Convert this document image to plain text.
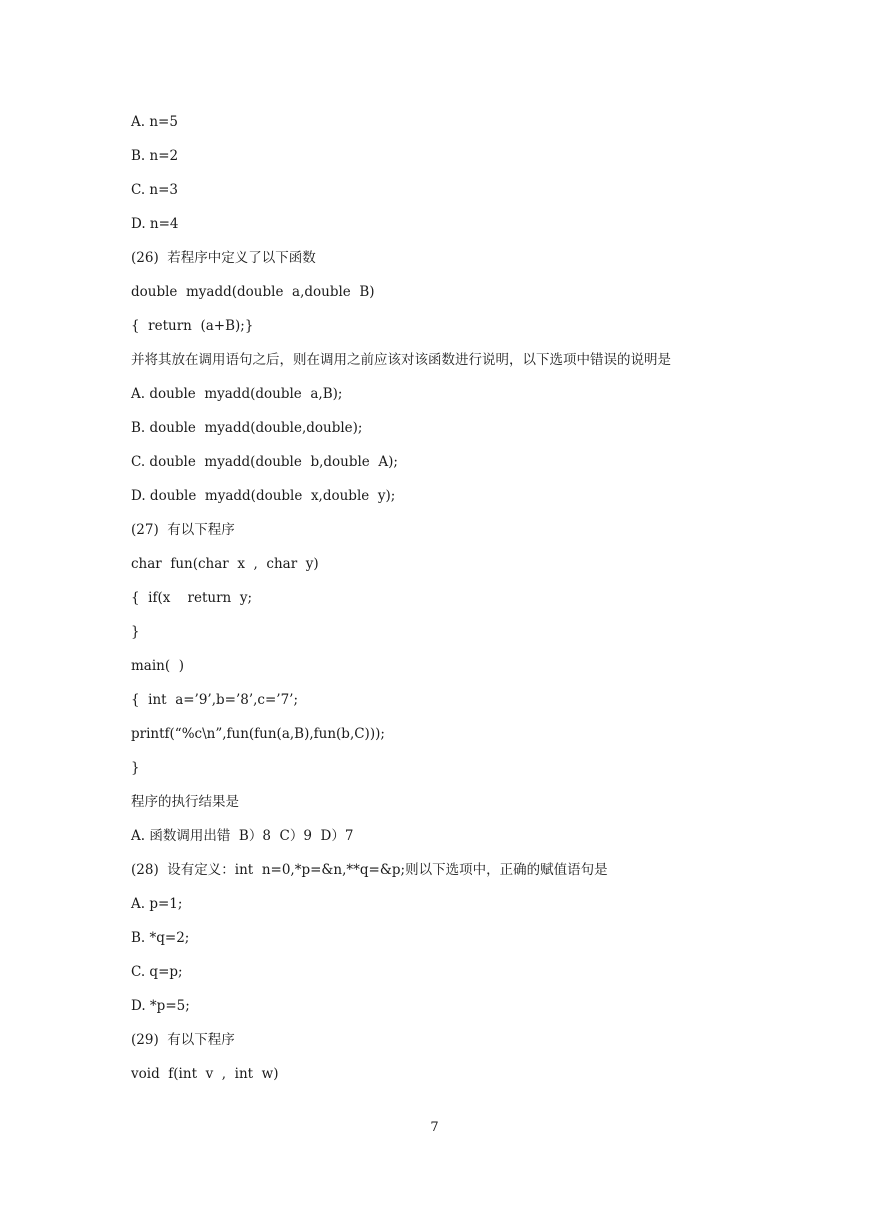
A. n=5
B. n=2
C. n=3
D. n=4
(26)  若程序中定义了以下函数
double  myadd(double  a,double  B)
{  return  (a+B);}
并将其放在调用语句之后，则在调用之前应该对该函数进行说明，以下选项中错误的说明是
A. double  myadd(double  a,B);
B. double  myadd(double,double);
C. double  myadd(double  b,double  A);
D. double  myadd(double  x,double  y);
(27)  有以下程序
char  fun(char  x  ,  char  y)
{  if(x    return  y;
}
main(  )
{  int  a=’9’,b=’8’,c=’7’;
printf(“%c\n”,fun(fun(a,B),fun(b,C)));
}
程序的执行结果是
A. 函数调用出错  B）8  C）9  D）7
(28)  设有定义：int  n=0,*p=&n,**q=&p;则以下选项中，正确的赋值语句是
A. p=1;
B. *q=2;
C. q=p;
D. *p=5;
(29)  有以下程序
void  f(int  v  ,  int  w)
7
